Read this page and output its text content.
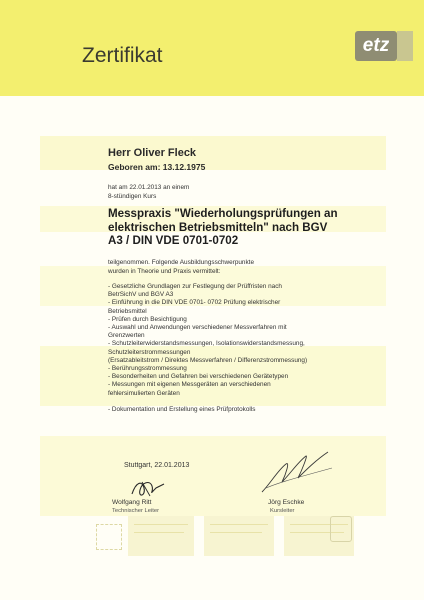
Zertifikat	etz
Herr Oliver Fleck
Geboren am: 13.12.1975
hat am 22.01.2013 an einem
8-stündigen Kurs
Messpraxis "Wiederholungsprüfungen an
elektrischen Betriebsmitteln" nach BGV
A3 / DIN VDE 0701-0702
teilgenommen. Folgende Ausbildungsschwerpunkte
wurden in Theorie und Praxis vermittelt:
- Gesetzliche Grundlagen zur Festlegung der Prüffristen nach
BetrSichV und BGV A3
- Einführung in die DIN VDE 0701- 0702 Prüfung elektrischer
Betriebsmittel
- Prüfen durch Besichtigung
- Auswahl und Anwendungen verschiedener Messverfahren mit
Grenzwerten
- Schutzleiterwiderstandsmessungen, Isolationswiderstandsmessung,
Schutzleiterstrommessungen
(Ersatzableitstrom / Direktes Messverfahren / Differenzstrommessung)
- Berührungsstrommessung
- Besonderheiten und Gefahren bei verschiedenen Gerätetypen
- Messungen mit eigenen Messgeräten an verschiedenen
fehlersimulierten Geräten
- Dokumentation und Erstellung eines Prüfprotokolls
Stuttgart, 22.01.2013
Wolfgang Ritt
Technischer Leiter
Jörg Eschke
Kursleiter
